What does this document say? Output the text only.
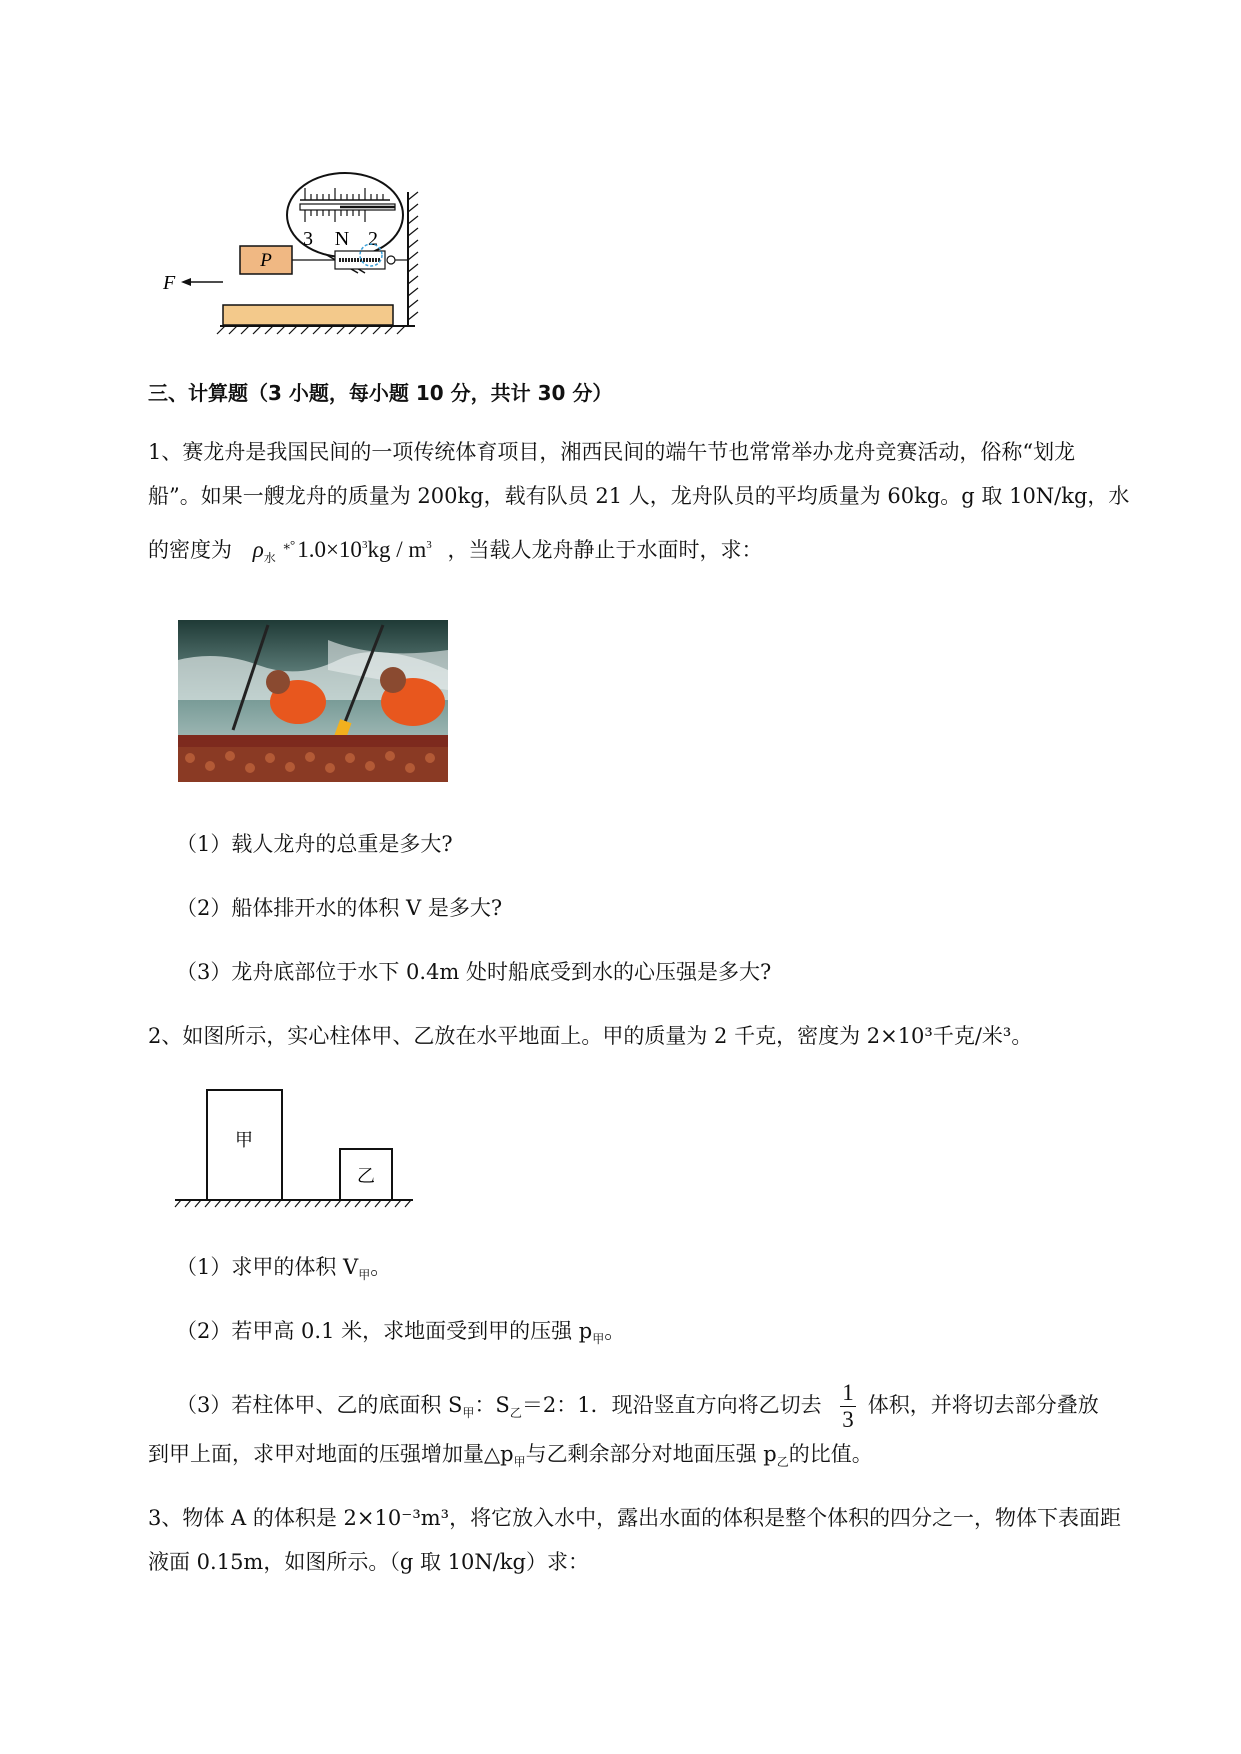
3 N 2
P
F
三、计算题（3 小题，每小题 10 分，共计 30 分）
1、赛龙舟是我国民间的一项传统体育项目，湘西民间的端午节也常常举办龙舟竞赛活动，俗称“划龙
船”。如果一艘龙舟的质量为 200kg，载有队员 21 人，龙舟队员的平均质量为 60kg。g 取 10N/kg，水
的密度为 $\rho_水$ $^{⁎^\circ}1.0\times 10^3kg / m^3$ ，当载人龙舟静止于水面时，求：
（1）载人龙舟的总重是多大?
（2）船体排开水的体积 V 是多大?
（3）龙舟底部位于水下 0.4m 处时船底受到水的心压强是多大?
2、如图所示，实心柱体甲、乙放在水平地面上。甲的质量为 2 千克，密度为 2×10³千克/米³。
甲
乙
（1）求甲的体积 $V_甲$。
（2）若甲高 0.1 米，求地面受到甲的压强 $p_甲$。
（3）若柱体甲、乙的底面积 $S_甲$：$S_乙=2$：1．现沿竖直方向将乙切去 $\frac{1}{3}$ 体积，并将切去部分叠放
到甲上面，求甲对地面的压强增加量$\triangle p_甲$与乙剩余部分对地面压强 $p_乙$的比值。
3、物体 A 的体积是 2×10⁻³m³，将它放入水中，露出水面的体积是整个体积的四分之一，物体下表面距
液面 0.15m，如图所示。（g 取 10N/kg）求：
